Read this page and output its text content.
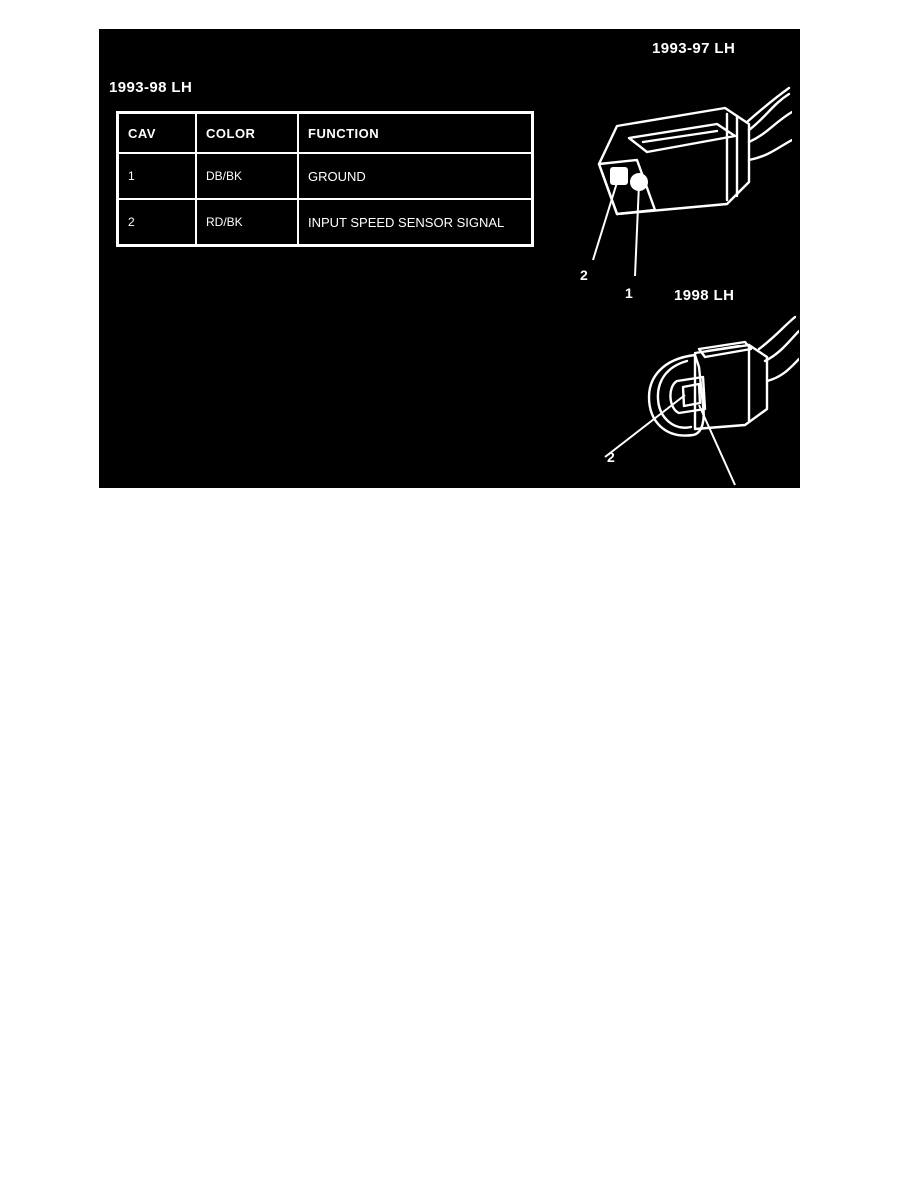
1993-98 LH
1993-97 LH
1998 LH
CAV	COLOR	FUNCTION
1	DB/BK	GROUND
2	RD/BK	INPUT SPEED SENSOR SIGNAL
2
1
2
1
